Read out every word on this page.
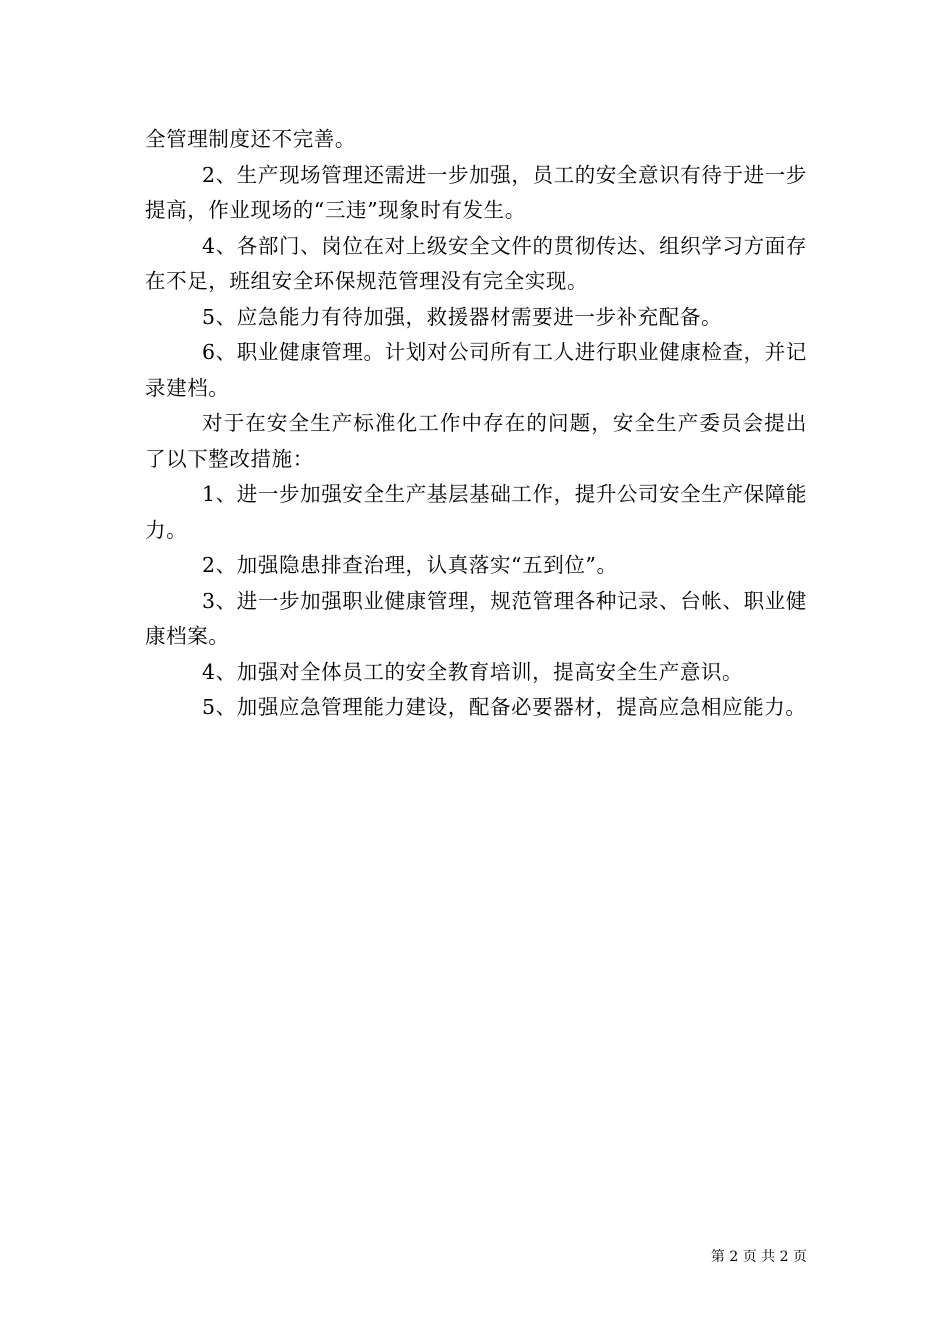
全管理制度还不完善。

2、生产现场管理还需进一步加强，员工的安全意识有待于进一步提高，作业现场的“三违”现象时有发生。

4、各部门、岗位在对上级安全文件的贯彻传达、组织学习方面存在不足，班组安全环保规范管理没有完全实现。

5、应急能力有待加强，救援器材需要进一步补充配备。

6、职业健康管理。计划对公司所有工人进行职业健康检查，并记录建档。

对于在安全生产标准化工作中存在的问题，安全生产委员会提出了以下整改措施：

1、进一步加强安全生产基层基础工作，提升公司安全生产保障能力。

2、加强隐患排查治理，认真落实“五到位”。

3、进一步加强职业健康管理，规范管理各种记录、台帐、职业健康档案。

4、加强对全体员工的安全教育培训，提高安全生产意识。

5、加强应急管理能力建设，配备必要器材，提高应急相应能力。

第 2 页 共 2 页
